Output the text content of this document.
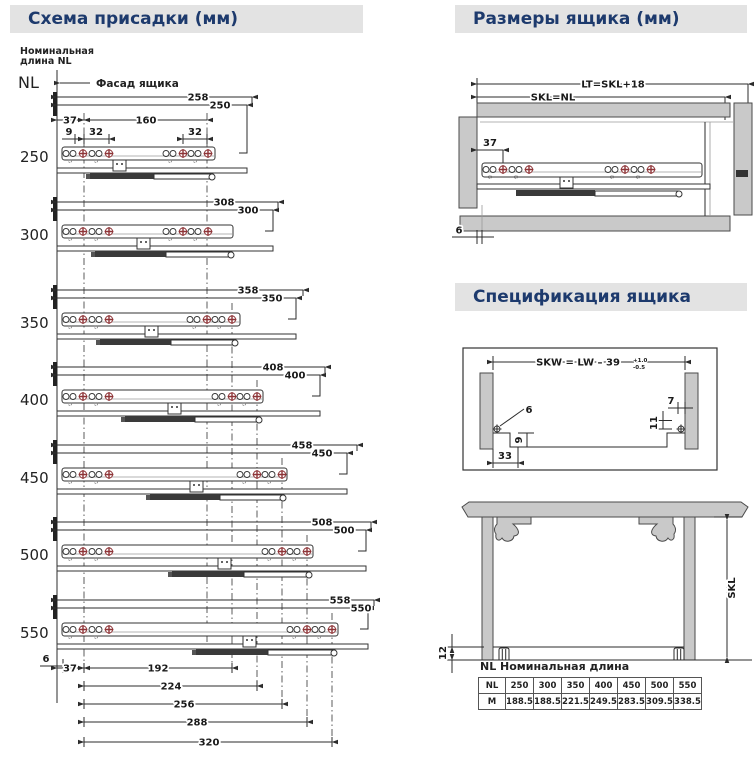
Номинальная
длина NL
NL	Фасад ящика
258
250
250
308
300
300
358
350
350
408
400
400
458
450
450
508
500
500
558
550
550
37	160
9 32	32
6
37	192
224
256
288
320
LT=SKL+18
SKL=NL
37
6
SKW = LW – 39 +1.0
-0.5
6
9
33
7
11
SKL
12
Схема присадки (мм)	Размеры ящика (мм)
Спецификация ящика
NL Номинальная длина
NL	250	300	350	400	450	500	550
M	188.5	188.5	221.5	249.5	283.5	309.5	338.5
